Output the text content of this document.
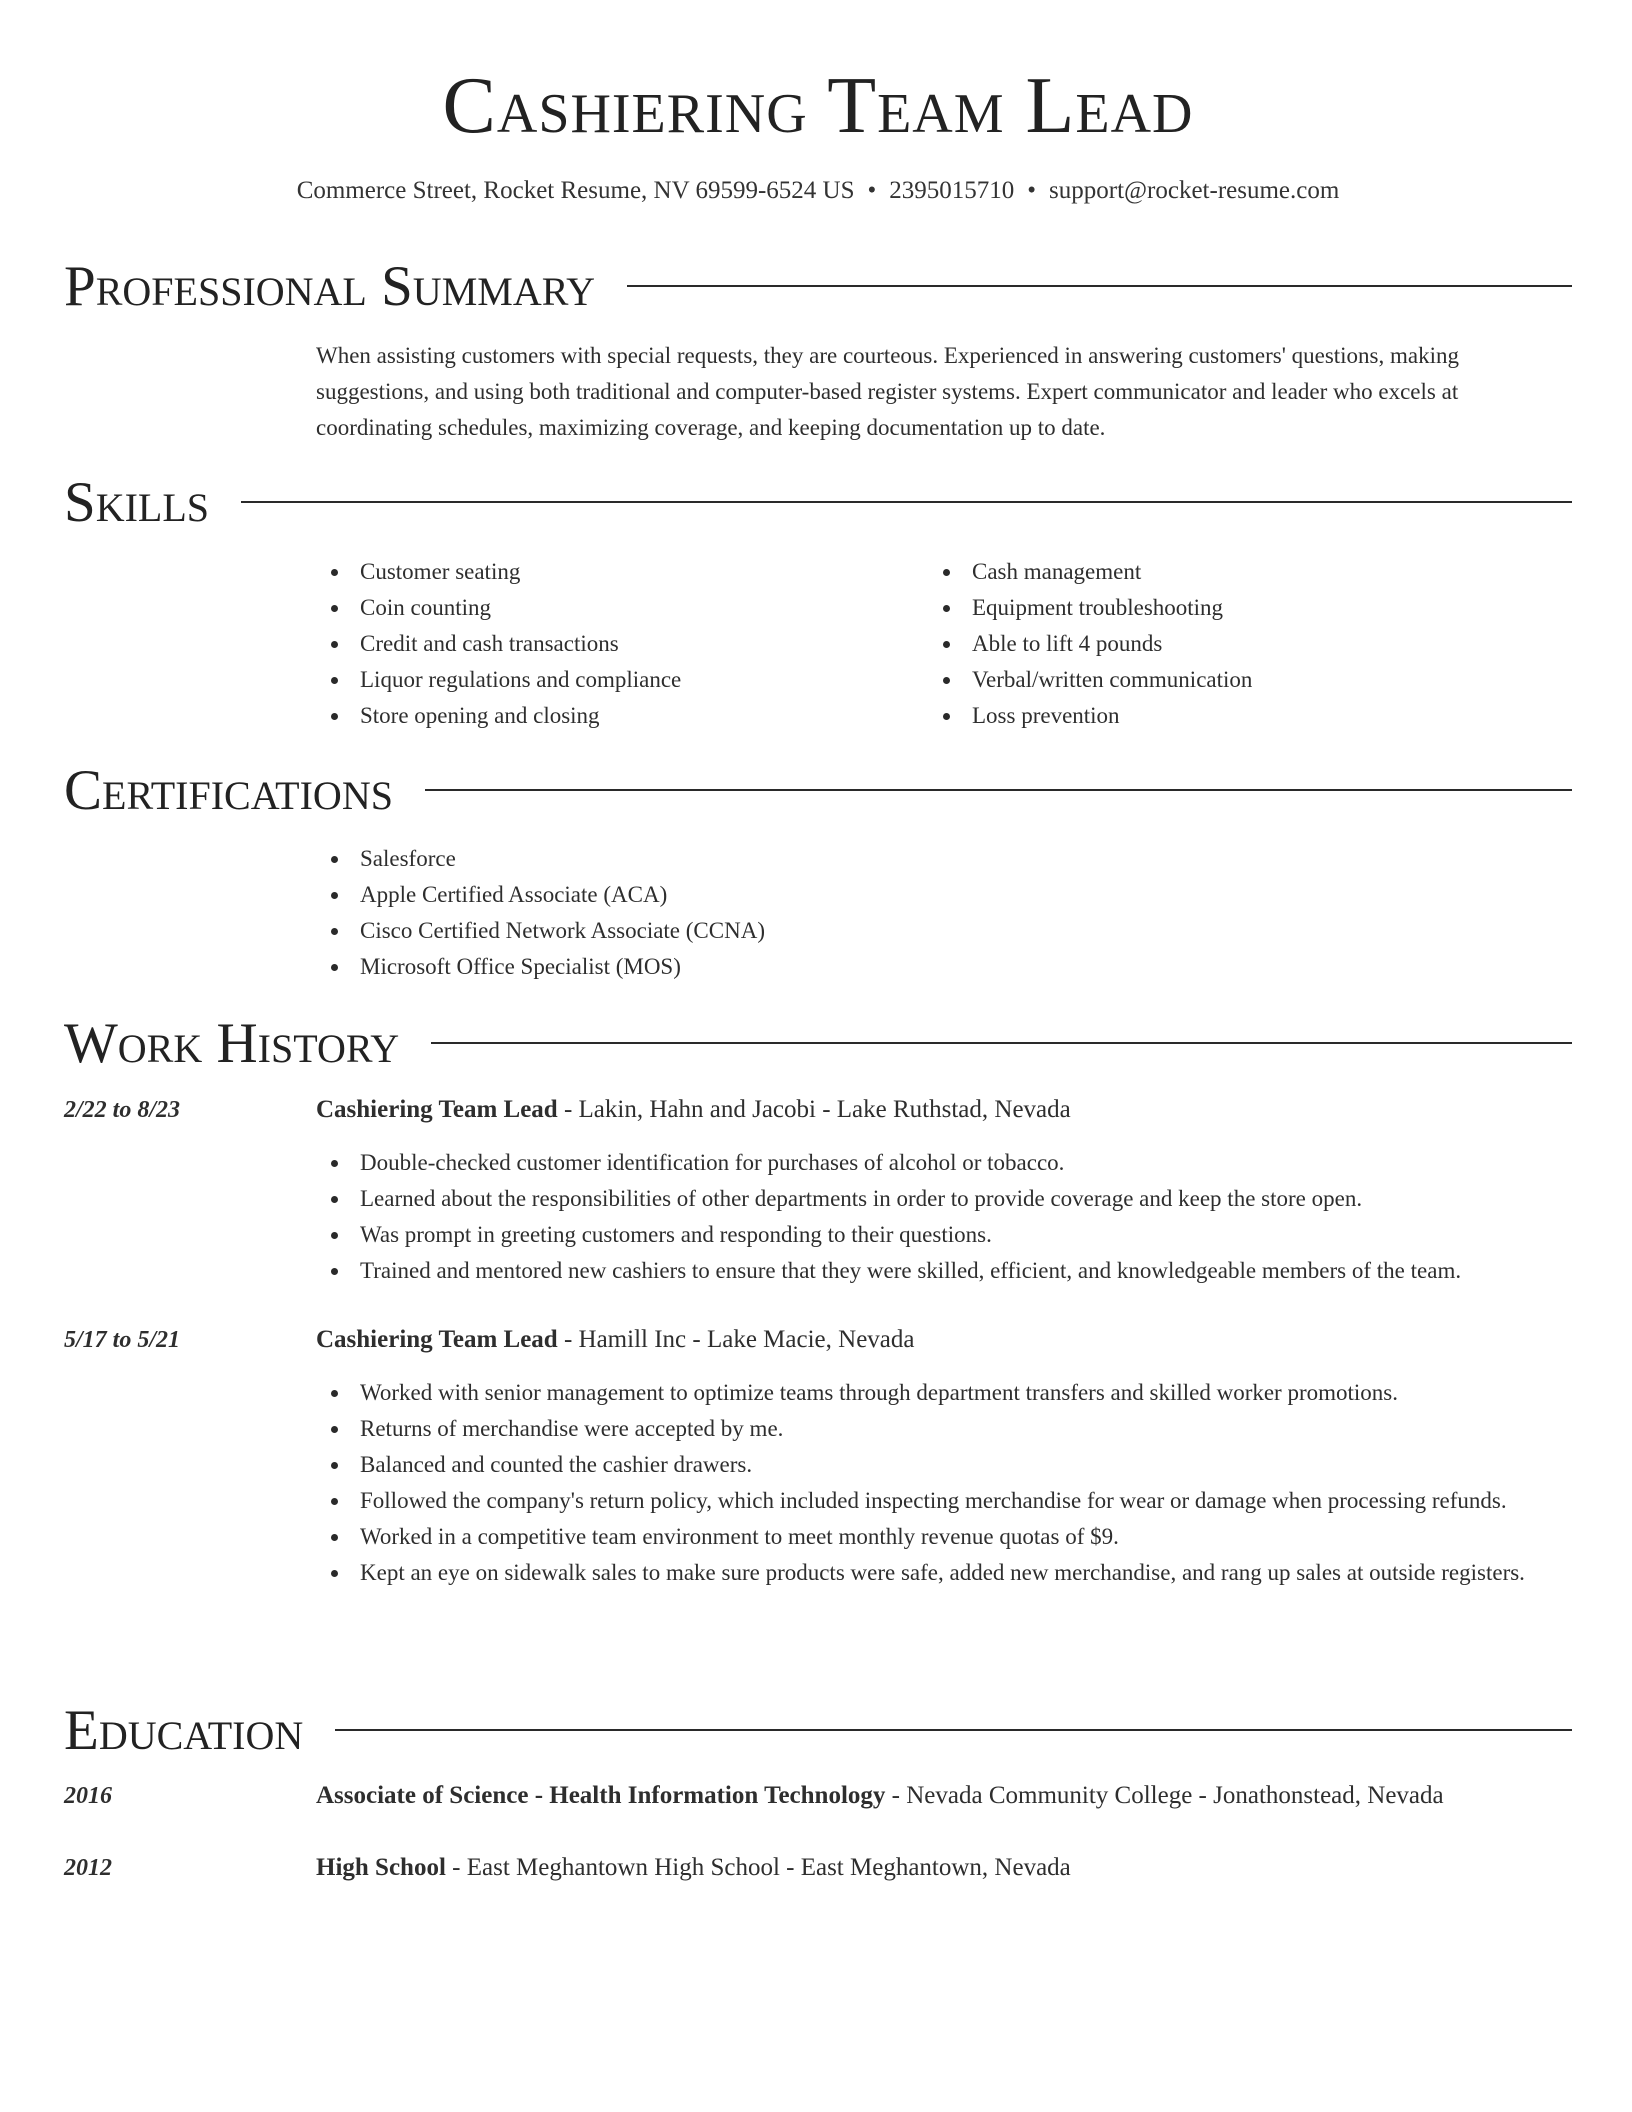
Cashiering Team Lead
Commerce Street, Rocket Resume, NV 69599-6524 US • 2395015710 • support@rocket-resume.com
Professional Summary
When assisting customers with special requests, they are courteous. Experienced in answering customers' questions, making suggestions, and using both traditional and computer-based register systems. Expert communicator and leader who excels at coordinating schedules, maximizing coverage, and keeping documentation up to date.
Skills
Customer seating
Coin counting
Credit and cash transactions
Liquor regulations and compliance
Store opening and closing
Cash management
Equipment troubleshooting
Able to lift 4 pounds
Verbal/written communication
Loss prevention
Certifications
Salesforce
Apple Certified Associate (ACA)
Cisco Certified Network Associate (CCNA)
Microsoft Office Specialist (MOS)
Work History
2/22 to 8/23	Cashiering Team Lead - Lakin, Hahn and Jacobi - Lake Ruthstad, Nevada
Double-checked customer identification for purchases of alcohol or tobacco.
Learned about the responsibilities of other departments in order to provide coverage and keep the store open.
Was prompt in greeting customers and responding to their questions.
Trained and mentored new cashiers to ensure that they were skilled, efficient, and knowledgeable members of the team.
5/17 to 5/21	Cashiering Team Lead - Hamill Inc - Lake Macie, Nevada
Worked with senior management to optimize teams through department transfers and skilled worker promotions.
Returns of merchandise were accepted by me.
Balanced and counted the cashier drawers.
Followed the company's return policy, which included inspecting merchandise for wear or damage when processing refunds.
Worked in a competitive team environment to meet monthly revenue quotas of $9.
Kept an eye on sidewalk sales to make sure products were safe, added new merchandise, and rang up sales at outside registers.
Education
2016	Associate of Science - Health Information Technology - Nevada Community College - Jonathonstead, Nevada
2012	High School - East Meghantown High School - East Meghantown, Nevada
